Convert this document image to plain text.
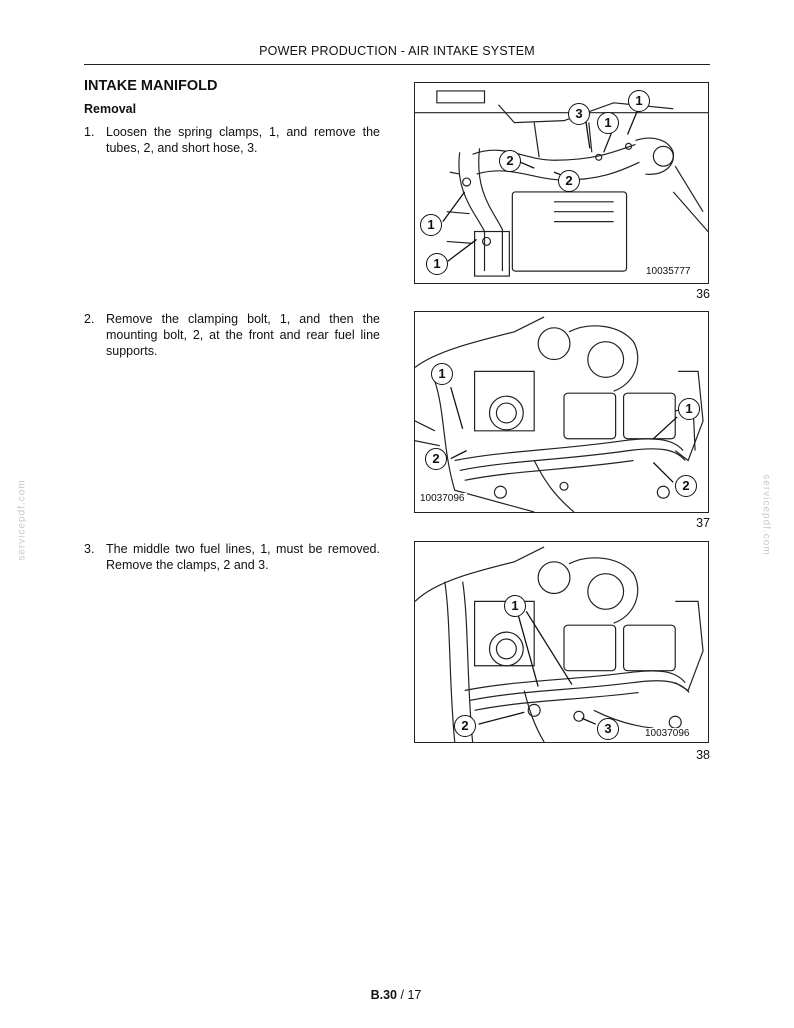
POWER PRODUCTION - AIR INTAKE SYSTEM
INTAKE MANIFOLD
Removal
1. Loosen the spring clamps, 1, and remove the tubes, 2, and short hose, 3.
2. Remove the clamping bolt, 1, and then the mounting bolt, 2, at the front and rear fuel line supports.
3. The middle two fuel lines, 1, must be removed. Remove the clamps, 2 and 3.
1
3
1
2
2
1
1
10035777
36
1
1
2
2
10037096
37
1
2	3	10037096
38
servicepdf.com	servicepdf.com
B.30 / 17
